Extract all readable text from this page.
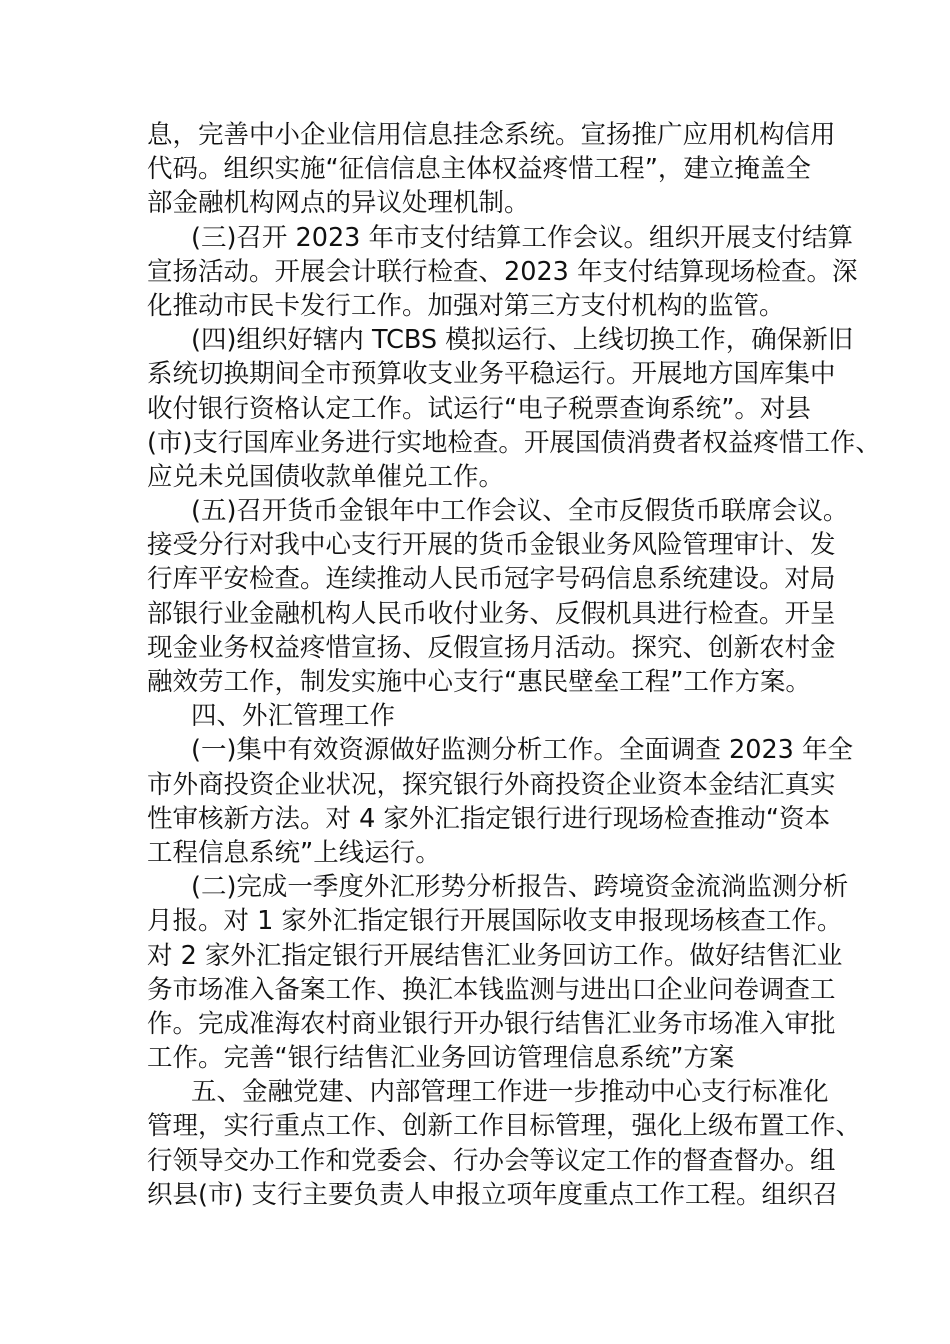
息，完善中小企业信用信息挂念系统。宣扬推广应用机构信用
代码。组织实施“征信信息主体权益疼惜工程”，建立掩盖全
部金融机构网点的异议处理机制。
(三)召开 2023 年市支付结算工作会议。组织开展支付结算
宣扬活动。开展会计联行检查、2023 年支付结算现场检查。深
化推动市民卡发行工作。加强对第三方支付机构的监管。
(四)组织好辖内 TCBS 模拟运行、上线切换工作，确保新旧
系统切换期间全市预算收支业务平稳运行。开展地方国库集中
收付银行资格认定工作。试运行“电子税票查询系统”。对县
(市)支行国库业务进行实地检查。开展国债消费者权益疼惜工作、
应兑未兑国债收款单催兑工作。
(五)召开货币金银年中工作会议、全市反假货币联席会议。
接受分行对我中心支行开展的货币金银业务风险管理审计、发
行库平安检查。连续推动人民币冠字号码信息系统建设。对局
部银行业金融机构人民币收付业务、反假机具进行检查。开呈
现金业务权益疼惜宣扬、反假宣扬月活动。探究、创新农村金
融效劳工作，制发实施中心支行“惠民壁垒工程”工作方案。
四、外汇管理工作
(一)集中有效资源做好监测分析工作。全面调查 2023 年全
市外商投资企业状况，探究银行外商投资企业资本金结汇真实
性审核新方法。对 4 家外汇指定银行进行现场检查推动“资本
工程信息系统”上线运行。
(二)完成一季度外汇形势分析报告、跨境资金流淌监测分析
月报。对 1 家外汇指定银行开展国际收支申报现场核查工作。
对 2 家外汇指定银行开展结售汇业务回访工作。做好结售汇业
务市场准入备案工作、换汇本钱监测与进出口企业问卷调查工
作。完成准海农村商业银行开办银行结售汇业务市场准入审批
工作。完善“银行结售汇业务回访管理信息系统”方案
五、金融党建、内部管理工作进一步推动中心支行标准化
管理，实行重点工作、创新工作目标管理，强化上级布置工作、
行领导交办工作和党委会、行办会等议定工作的督查督办。组
织县(市) 支行主要负责人申报立项年度重点工作工程。组织召
